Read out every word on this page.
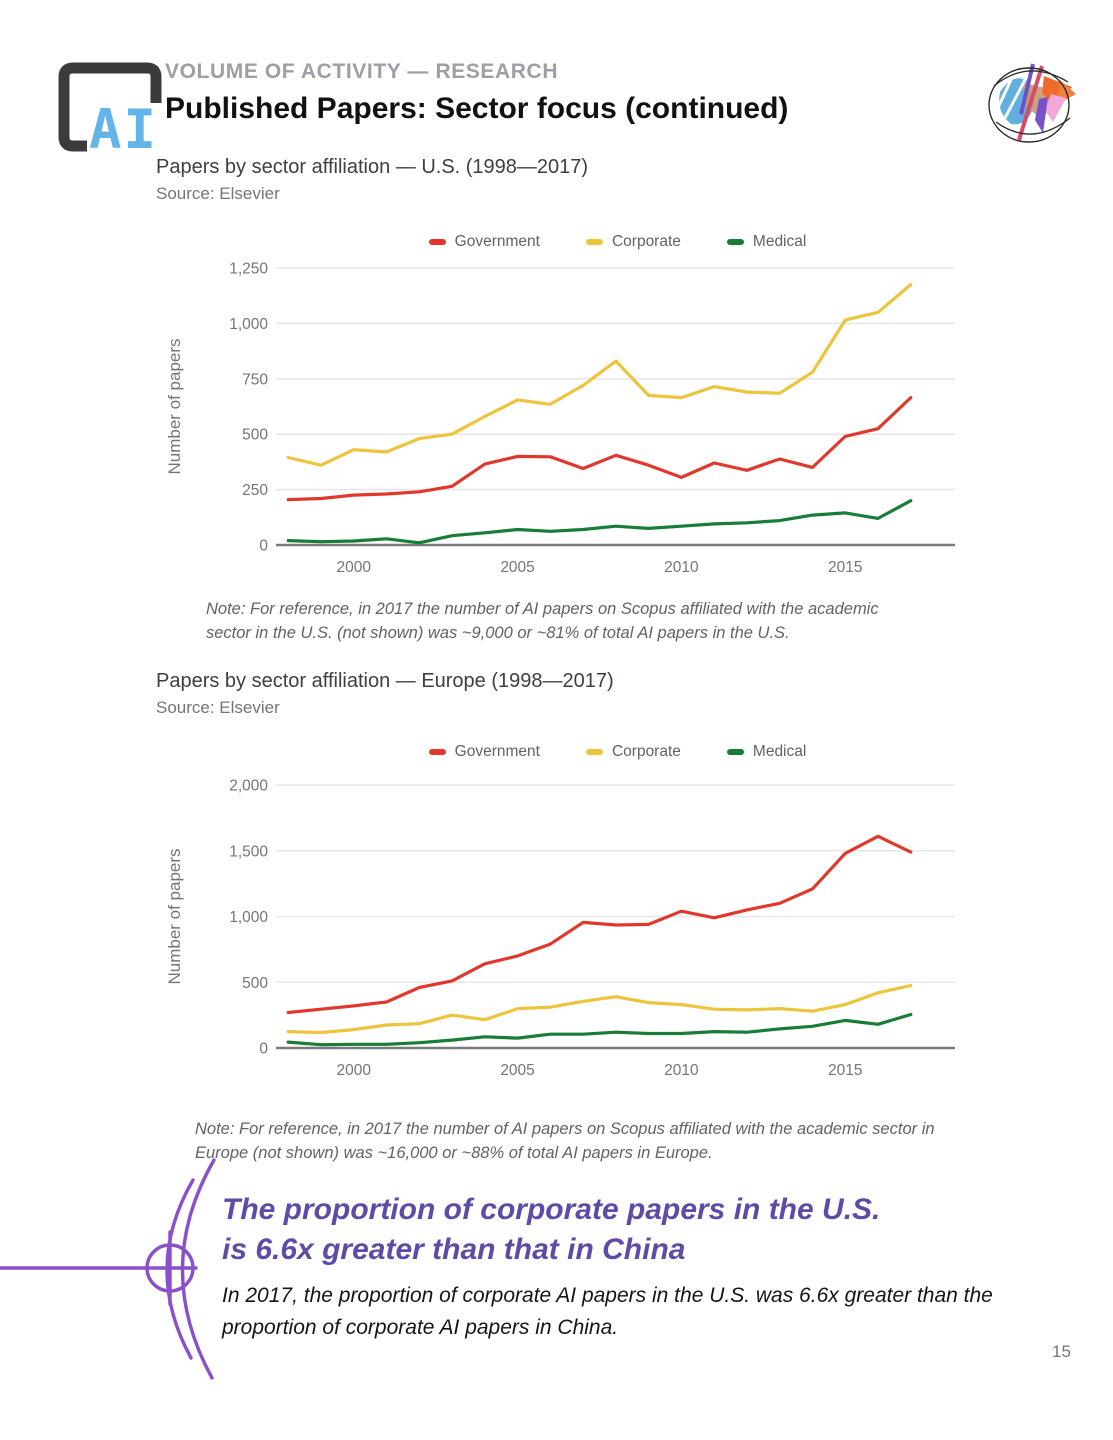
AI
VOLUME OF ACTIVITY — RESEARCH
Published Papers: Sector focus (continued)
Papers by sector affiliation — U.S. (1998—2017)
Source: Elsevier
Government	Corporate	Medical
0
250
500
750
1,000
1,250
2000	2005	2010	2015
Number of papers
Note: For reference, in 2017 the number of AI papers on Scopus affiliated with the academic sector in the U.S. (not shown) was ~9,000 or ~81% of total AI papers in the U.S.
Papers by sector affiliation — Europe (1998—2017)
Source: Elsevier
Government	Corporate	Medical
0
500
1,000
1,500
2,000
2000	2005	2010	2015
Number of papers
Note: For reference, in 2017 the number of AI papers on Scopus affiliated with the academic sector in Europe (not shown) was ~16,000 or ~88% of total AI papers in Europe.
The proportion of corporate papers in the U.S.
is 6.6x greater than that in China
In 2017, the proportion of corporate AI papers in the U.S. was 6.6x greater than the proportion of corporate AI papers in China.
15
